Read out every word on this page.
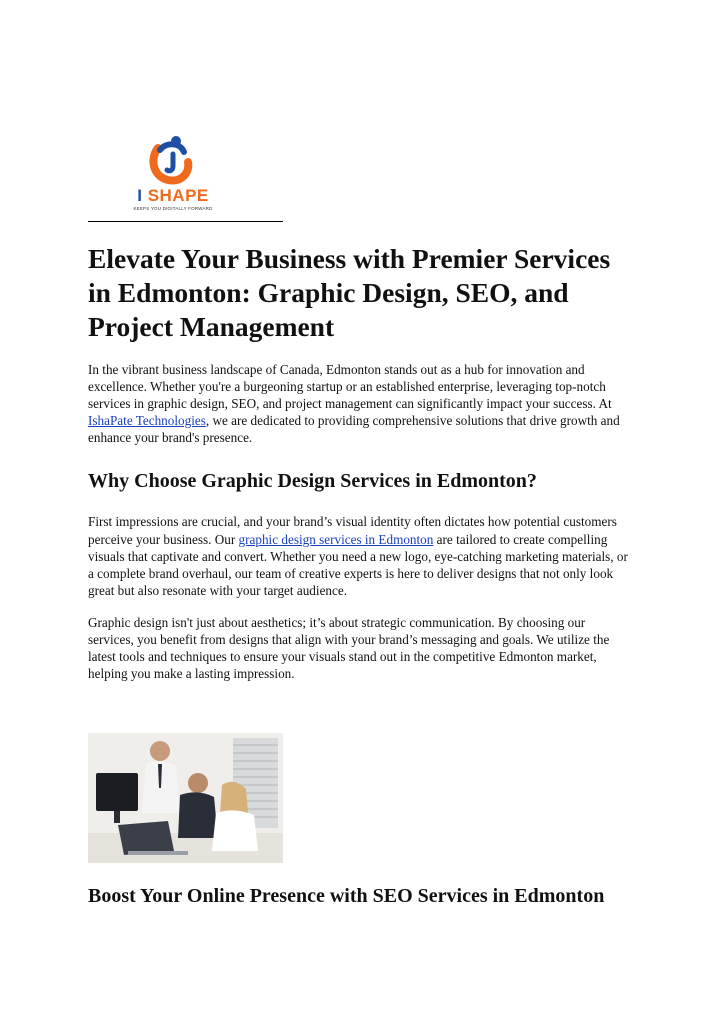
I SHAPE
KEEPS YOU DIGITALLY FORWARD
Elevate Your Business with Premier Services in Edmonton: Graphic Design, SEO, and Project Management

In the vibrant business landscape of Canada, Edmonton stands out as a hub for innovation and excellence. Whether you're a burgeoning startup or an established enterprise, leveraging top-notch services in graphic design, SEO, and project management can significantly impact your success. At IshaPate Technologies, we are dedicated to providing comprehensive solutions that drive growth and enhance your brand's presence.

Why Choose Graphic Design Services in Edmonton?

First impressions are crucial, and your brand’s visual identity often dictates how potential customers perceive your business. Our graphic design services in Edmonton are tailored to create compelling visuals that captivate and convert. Whether you need a new logo, eye-catching marketing materials, or a complete brand overhaul, our team of creative experts is here to deliver designs that not only look great but also resonate with your target audience.

Graphic design isn't just about aesthetics; it’s about strategic communication. By choosing our services, you benefit from designs that align with your brand’s messaging and goals. We utilize the latest tools and techniques to ensure your visuals stand out in the competitive Edmonton market, helping you make a lasting impression.

Boost Your Online Presence with SEO Services in Edmonton
